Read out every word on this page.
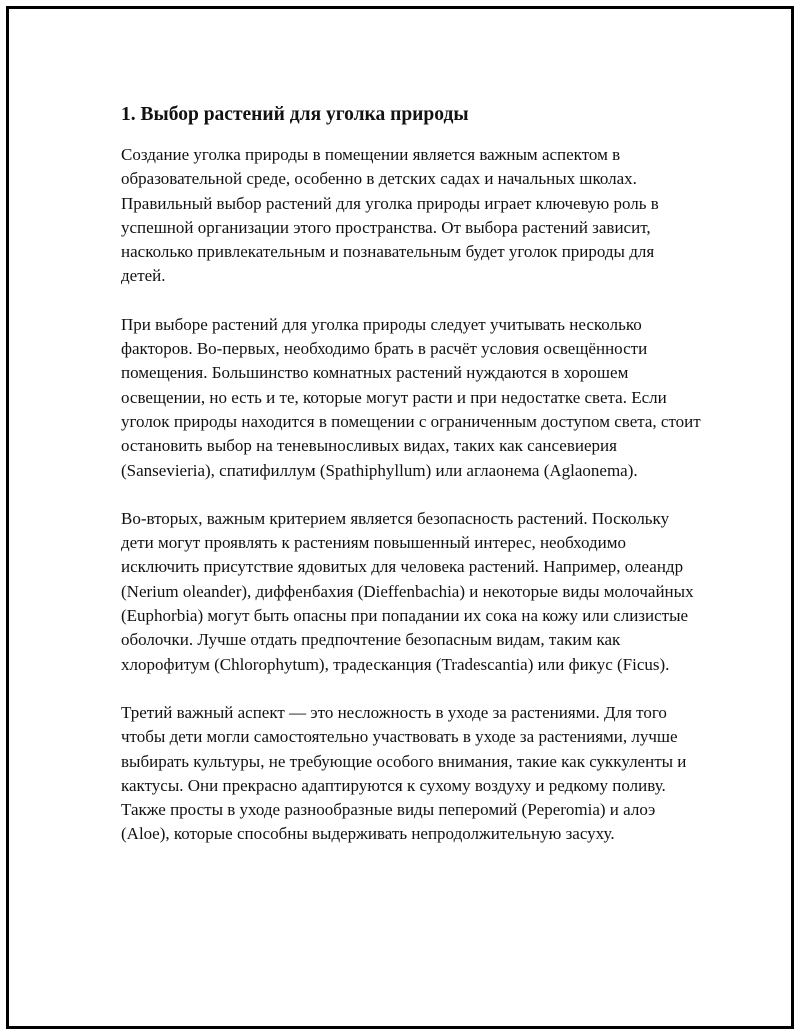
1. Выбор растений для уголка природы

Создание уголка природы в помещении является важным аспектом в образовательной среде, особенно в детских садах и начальных школах. Правильный выбор растений для уголка природы играет ключевую роль в успешной организации этого пространства. От выбора растений зависит, насколько привлекательным и познавательным будет уголок природы для детей.

При выборе растений для уголка природы следует учитывать несколько факторов. Во-первых, необходимо брать в расчёт условия освещённости помещения. Большинство комнатных растений нуждаются в хорошем освещении, но есть и те, которые могут расти и при недостатке света. Если уголок природы находится в помещении с ограниченным доступом света, стоит остановить выбор на теневыносливых видах, таких как сансевиерия (Sansevieria), спатифиллум (Spathiphyllum) или аглаонема (Aglaonema).

Во-вторых, важным критерием является безопасность растений. Поскольку дети могут проявлять к растениям повышенный интерес, необходимо исключить присутствие ядовитых для человека растений. Например, олеандр (Nerium oleander), диффенбахия (Dieffenbachia) и некоторые виды молочайных (Euphorbia) могут быть опасны при попадании их сока на кожу или слизистые оболочки. Лучше отдать предпочтение безопасным видам, таким как хлорофитум (Chlorophytum), традесканция (Tradescantia) или фикус (Ficus).

Третий важный аспект — это несложность в уходе за растениями. Для того чтобы дети могли самостоятельно участвовать в уходе за растениями, лучше выбирать культуры, не требующие особого внимания, такие как суккуленты и кактусы. Они прекрасно адаптируются к сухому воздуху и редкому поливу. Также просты в уходе разнообразные виды пеперомий (Peperomia) и алоэ (Aloe), которые способны выдерживать непродолжительную засуху.
